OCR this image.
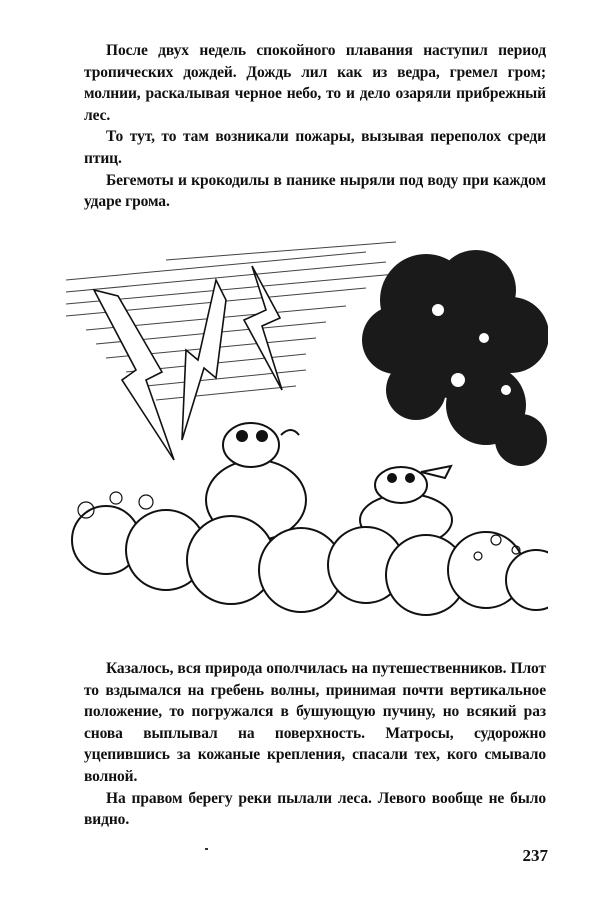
После двух недель спокойного плавания наступил период тропических дождей. Дождь лил как из ведра, гремел гром; молнии, раскалывая черное небо, то и дело озаряли прибрежный лес.

То тут, то там возникали пожары, вызывая переполох среди птиц.

Бегемоты и крокодилы в панике ныряли под воду при каждом ударе грома.

Казалось, вся природа ополчилась на путешественников. Плот то вздымался на гребень волны, принимая почти вертикальное положение, то погружался в бушующую пучину, но всякий раз снова выплывал на поверхность. Матросы, судорожно уцепившись за кожаные крепления, спасали тех, кого смывало волной.

На правом берегу реки пылали леса. Левого вообще не было видно.

237
